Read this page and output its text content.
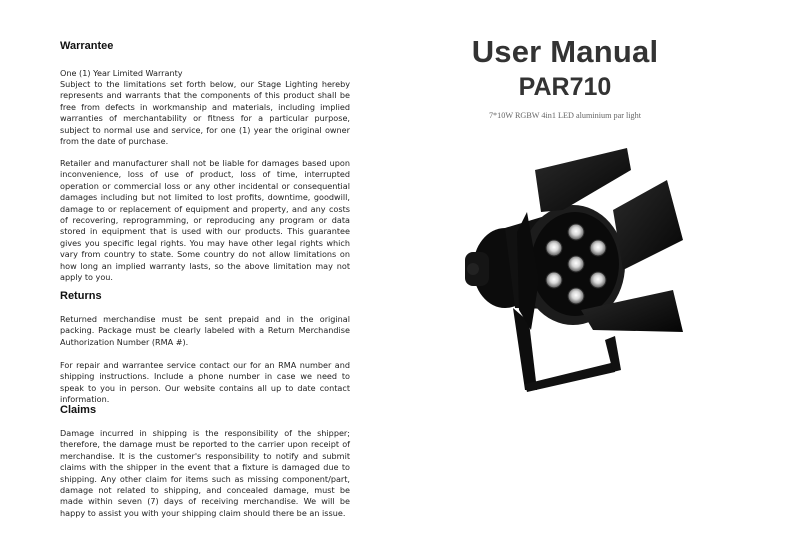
Warrantee

One (1) Year Limited Warranty

Subject to the limitations set forth below, our Stage Lighting hereby represents and warrants that the components of this product shall be free from defects in workmanship and materials, including implied warranties of merchantability or fitness for a particular purpose, subject to normal use and service, for one (1) year the original owner from the date of purchase.

Retailer and manufacturer shall not be liable for damages based upon inconvenience, loss of use of product, loss of time, interrupted operation or commercial loss or any other incidental or consequential damages including but not limited to lost profits, downtime, goodwill, damage to or replacement of equipment and property, and any costs of recovering, reprogramming, or reproducing any program or data stored in equipment that is used with our products. This guarantee gives you specific legal rights. You may have other legal rights which vary from country to state. Some country do not allow limitations on how long an implied warranty lasts, so the above limitation may not apply to you.

Returns

Returned merchandise must be sent prepaid and in the original packing. Package must be clearly labeled with a Return Merchandise Authorization Number (RMA #).

For repair and warrantee service contact our for an RMA number and shipping instructions. Include a phone number in case we need to speak to you in person. Our website contains all up to date contact information.

Claims

Damage incurred in shipping is the responsibility of the shipper; therefore, the damage must be reported to the carrier upon receipt of merchandise. It is the customer's responsibility to notify and submit claims with the shipper in the event that a fixture is damaged due to shipping. Any other claim for items such as missing component/part, damage not related to shipping, and concealed damage, must be made within seven (7) days of receiving merchandise. We will be happy to assist you with your shipping claim should there be an issue.

User Manual
PAR710
7*10W RGBW 4in1 LED aluminium par light
